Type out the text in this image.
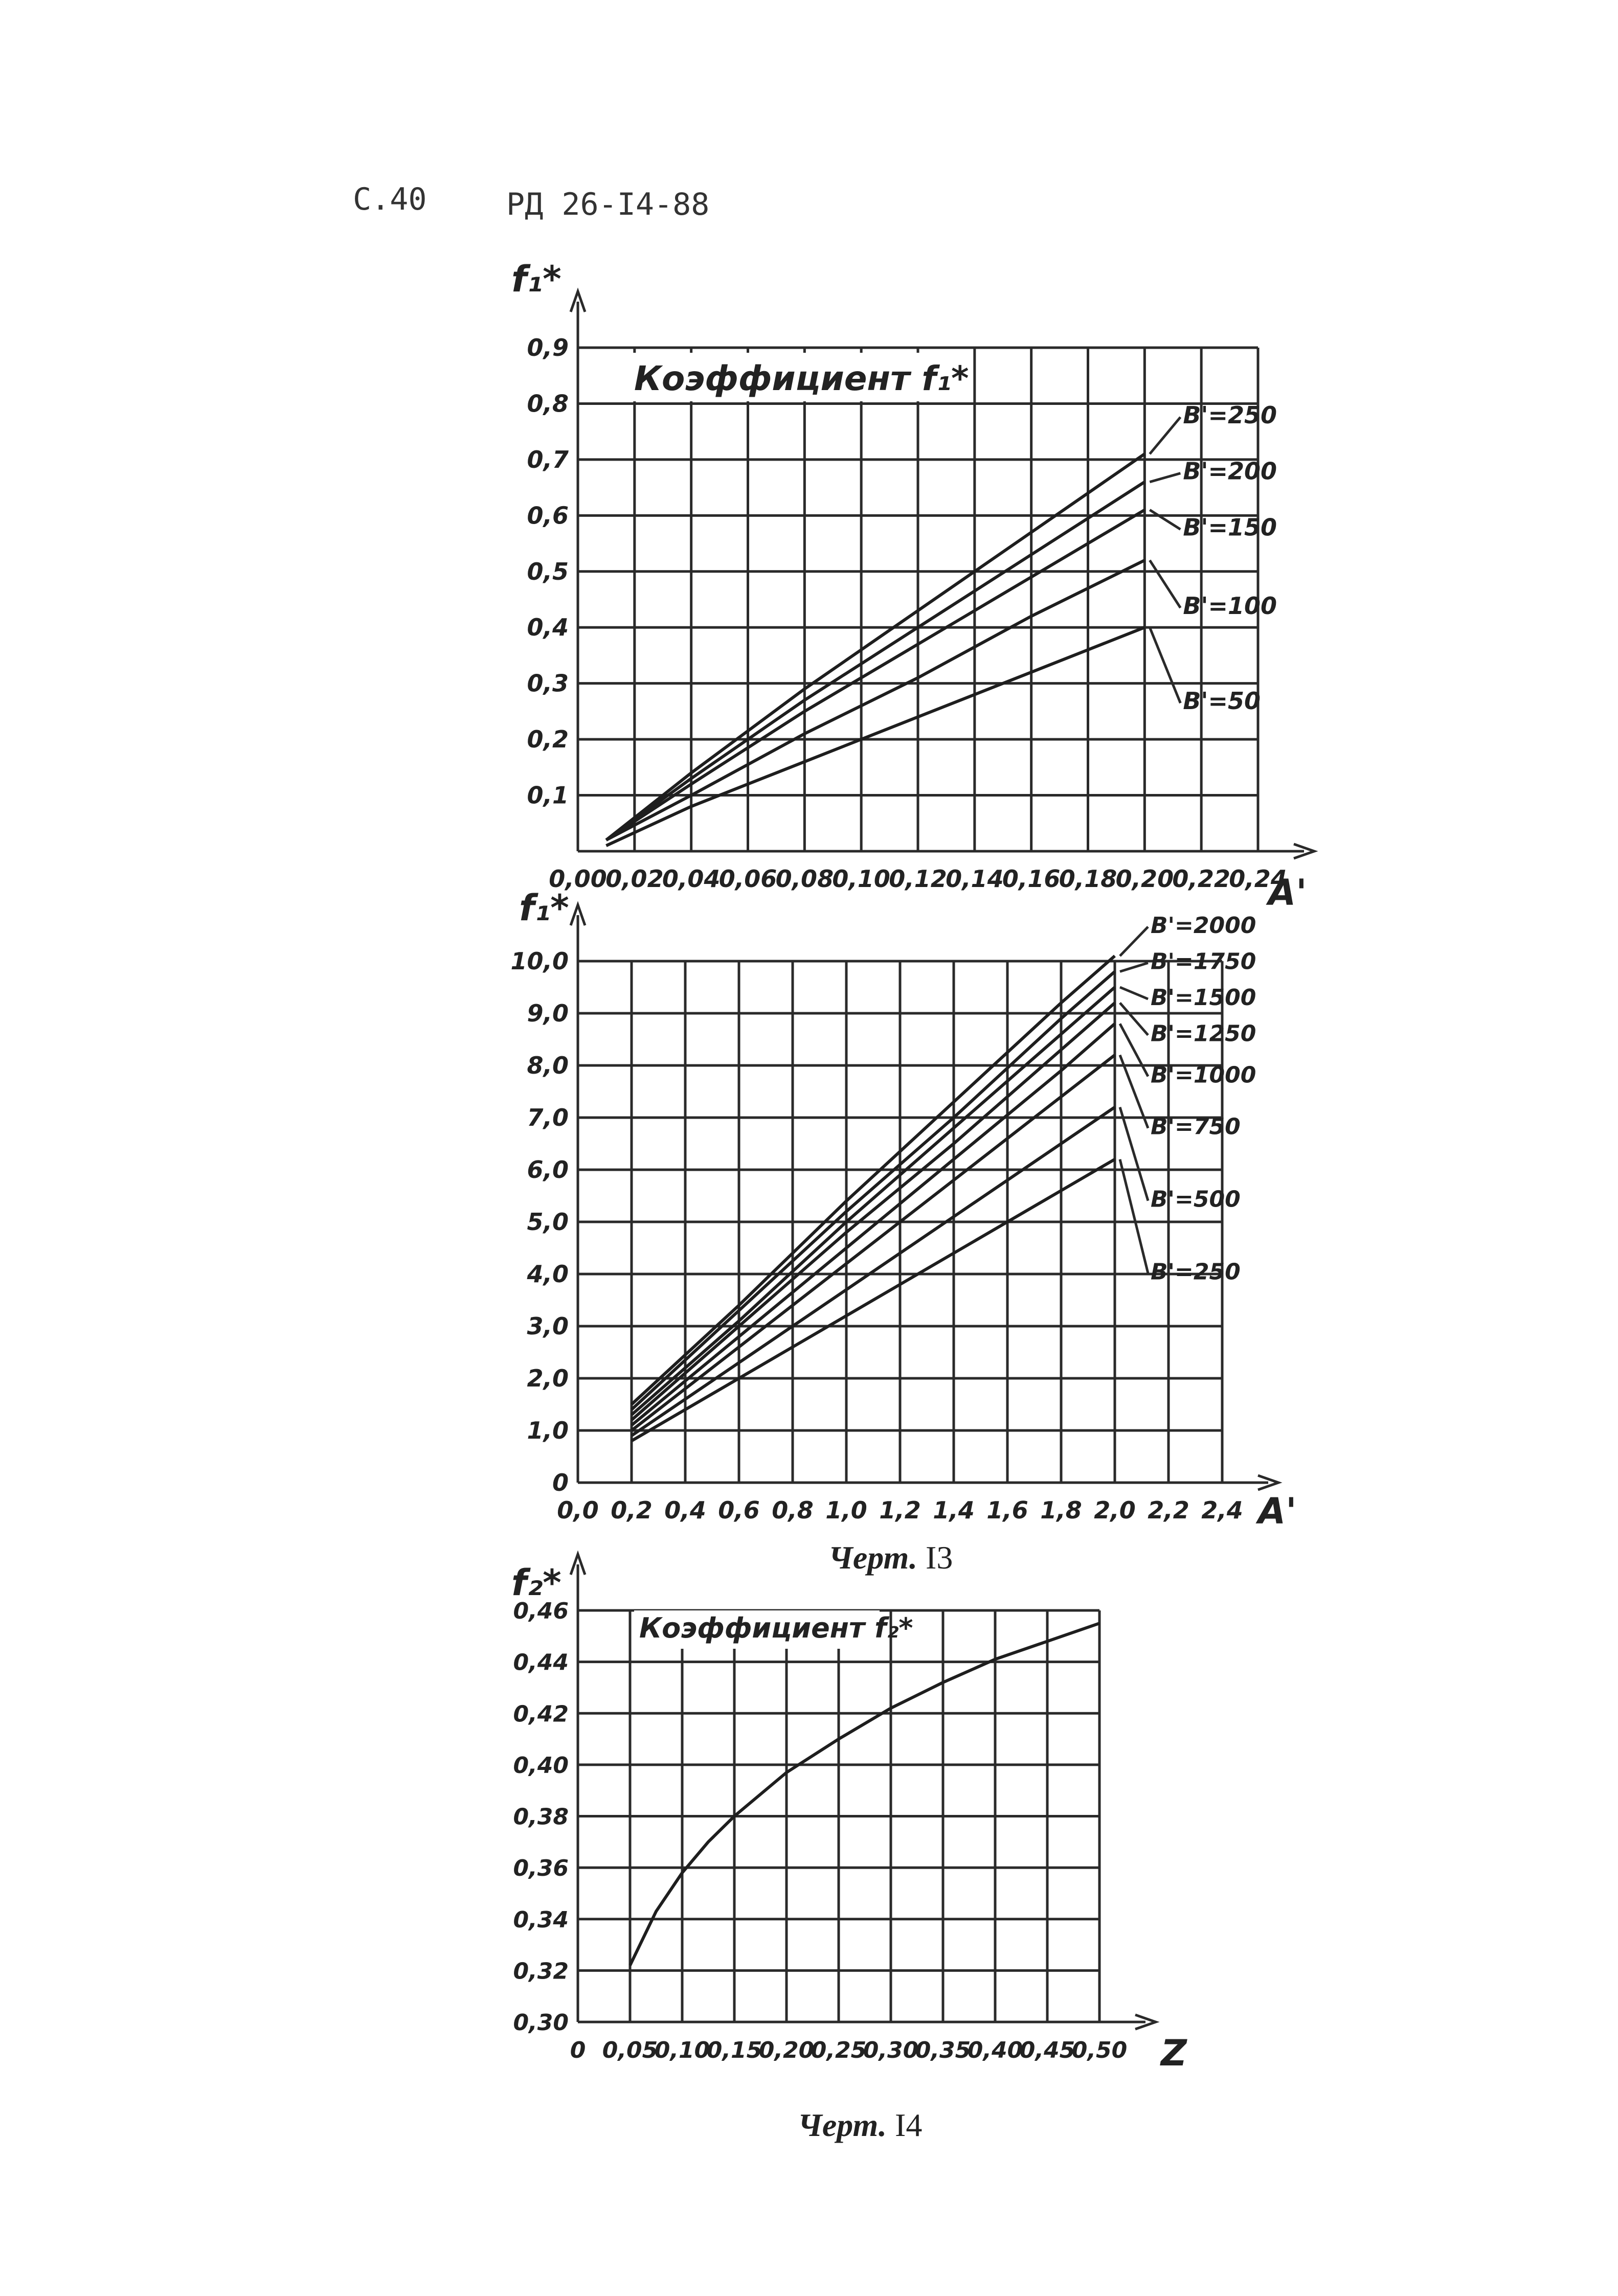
С.40	РД 26-I4-88
0,00
0,02
0,04
0,06
0,08
0,10
0,12
0,14
0,16
0,18
0,20
0,22
0,24
0,1
0,2
0,3
0,4
0,5
0,6
0,7
0,8
0,9
f₁*
A'
Коэффициент f₁*
B'=250
B'=200
B'=150
B'=100
B'=50
0,0 0,2 0,4 0,6 0,8 1,0 1,2 1,4 1,6 1,8 2,0 2,2 2,4
0
1,0
2,0
3,0
4,0
5,0
6,0
7,0
8,0
9,0
10,0
f₁*
A'
B'=2000
B'=1750
B'=1500
B'=1250
B'=1000
B'=750
B'=500
B'=250
0 0,05
0,10
0,15
0,20
0,25
0,30
0,35
0,40
0,45
0,50
0,30
0,32
0,34
0,36
0,38
0,40
0,42
0,44
0,46
f₂*
Z
Коэффициент f₂*
Черт. I3
Черт. I4
